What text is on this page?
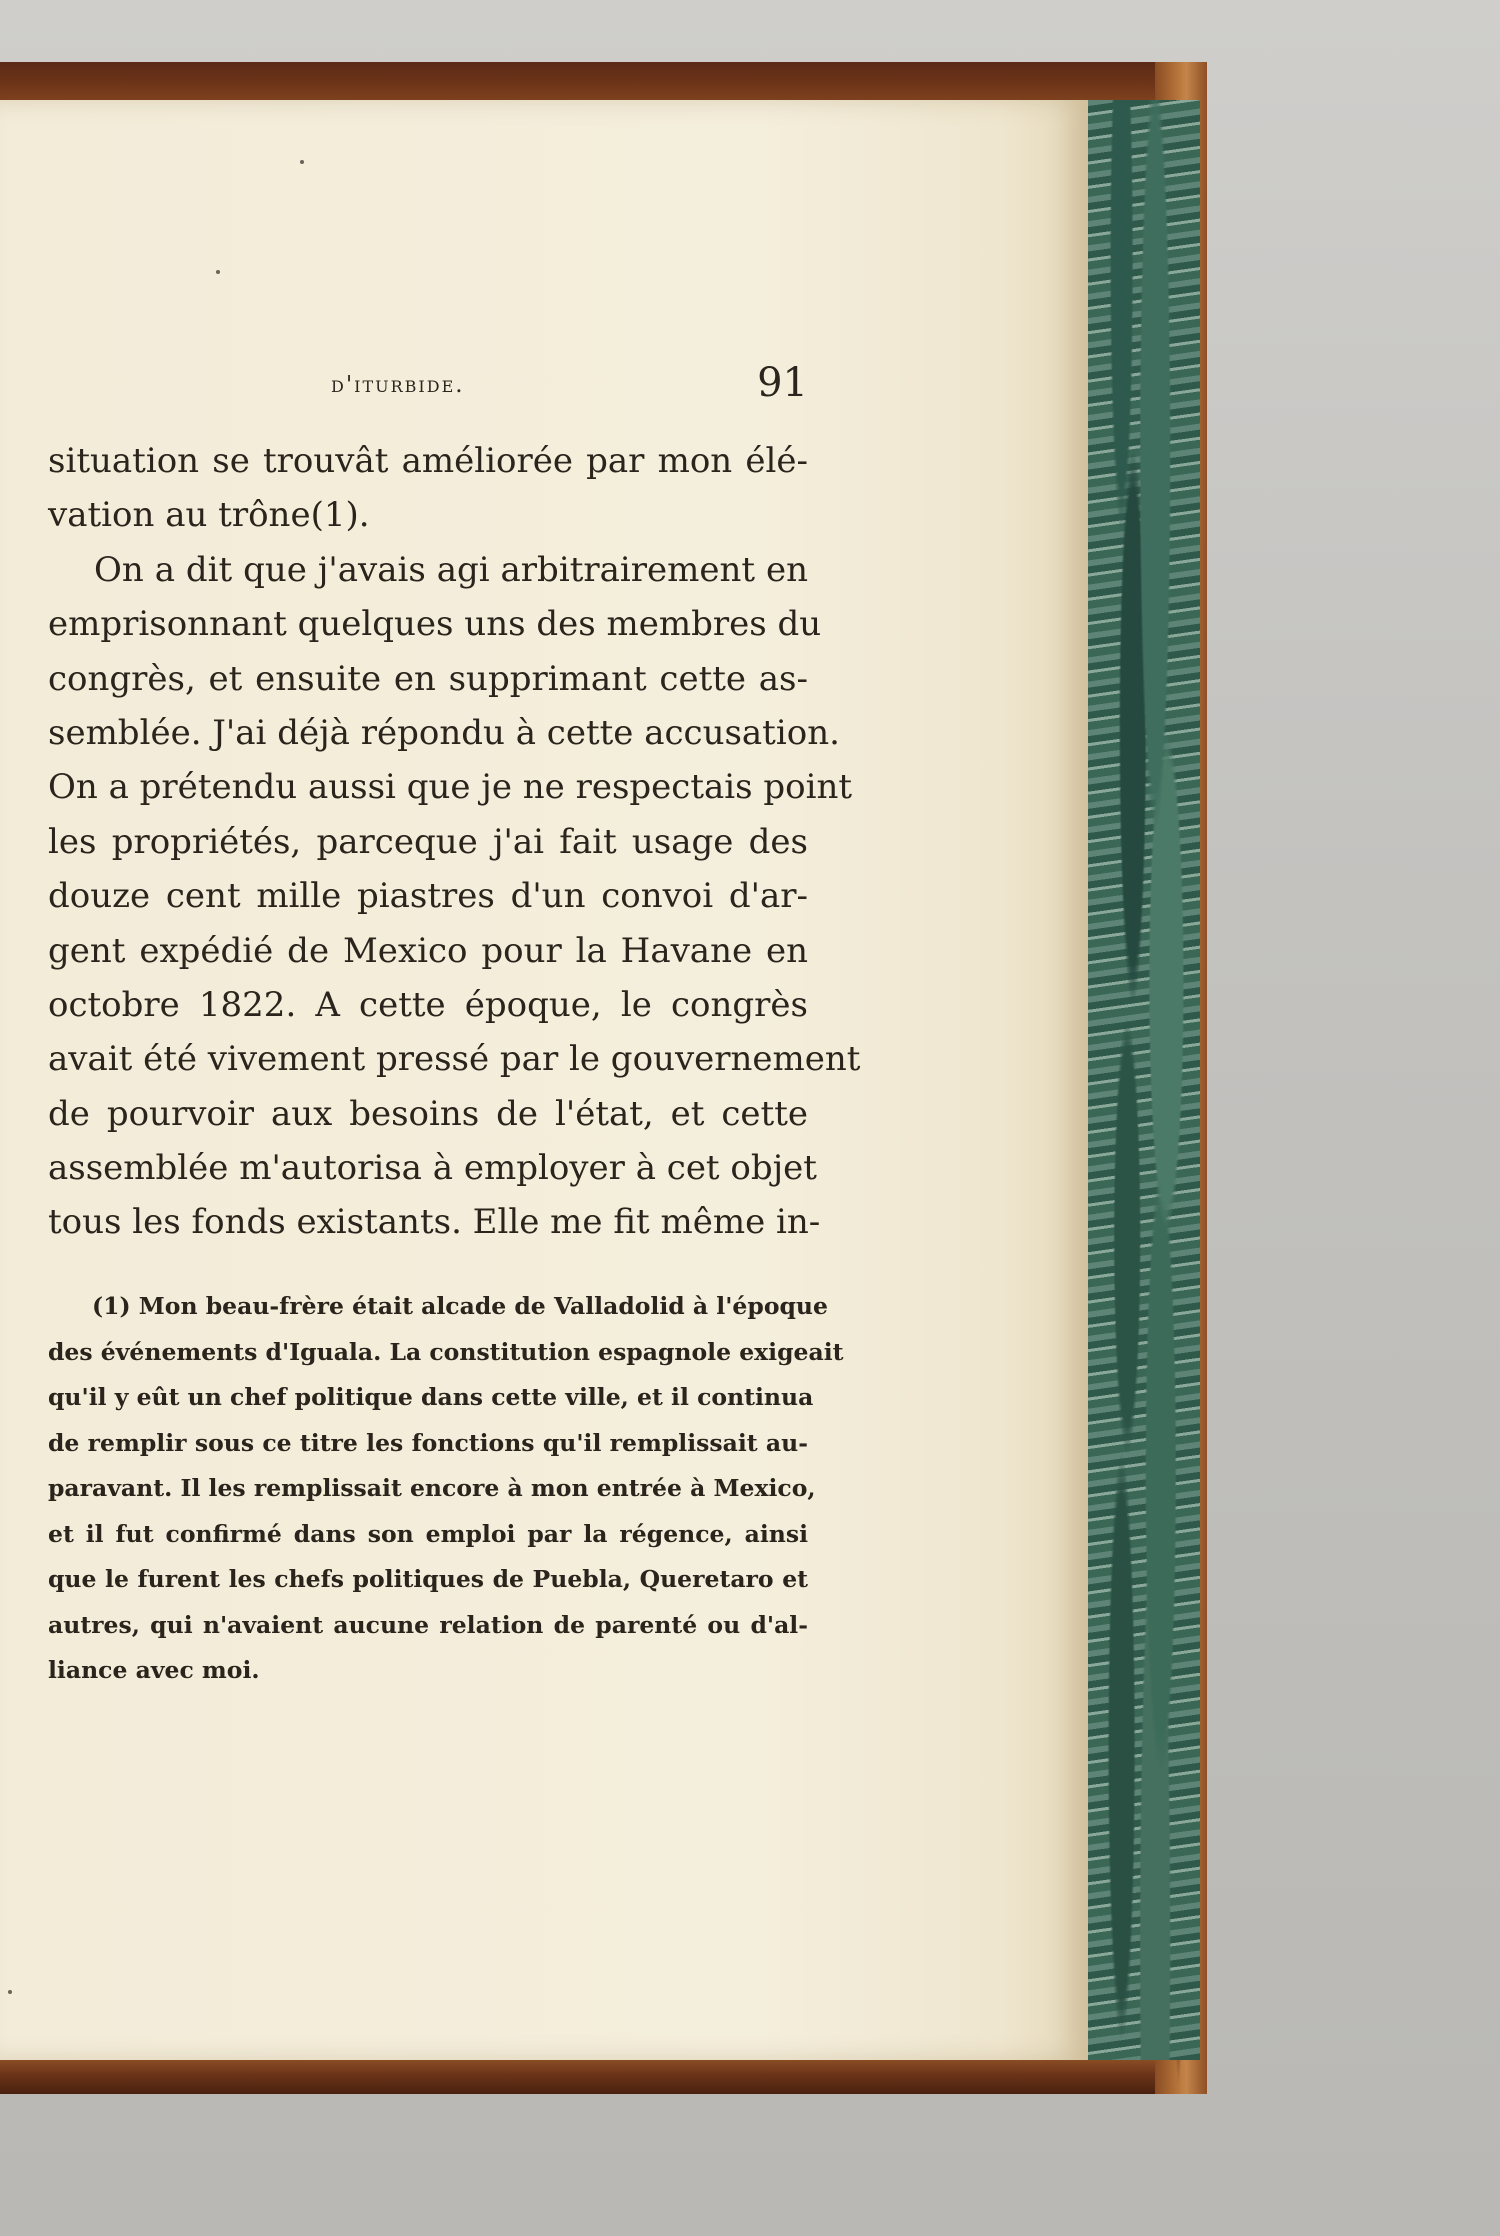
d'iturbide.	91
situation se trouvât améliorée par mon élé-
vation au trône(1).
On a dit que j'avais agi arbitrairement en
emprisonnant quelques uns des membres du
congrès, et ensuite en supprimant cette as-
semblée. J'ai déjà répondu à cette accusation.
On a prétendu aussi que je ne respectais point
les propriétés, parceque j'ai fait usage des
douze cent mille piastres d'un convoi d'ar-
gent expédié de Mexico pour la Havane en
octobre 1822. A cette époque, le congrès
avait été vivement pressé par le gouvernement
de pourvoir aux besoins de l'état, et cette
assemblée m'autorisa à employer à cet objet
tous les fonds existants. Elle me fit même in-
(1) Mon beau-frère était alcade de Valladolid à l'époque
des événements d'Iguala. La constitution espagnole exigeait
qu'il y eût un chef politique dans cette ville, et il continua
de remplir sous ce titre les fonctions qu'il remplissait au-
paravant. Il les remplissait encore à mon entrée à Mexico,
et il fut confirmé dans son emploi par la régence, ainsi
que le furent les chefs politiques de Puebla, Queretaro et
autres, qui n'avaient aucune relation de parenté ou d'al-
liance avec moi.
